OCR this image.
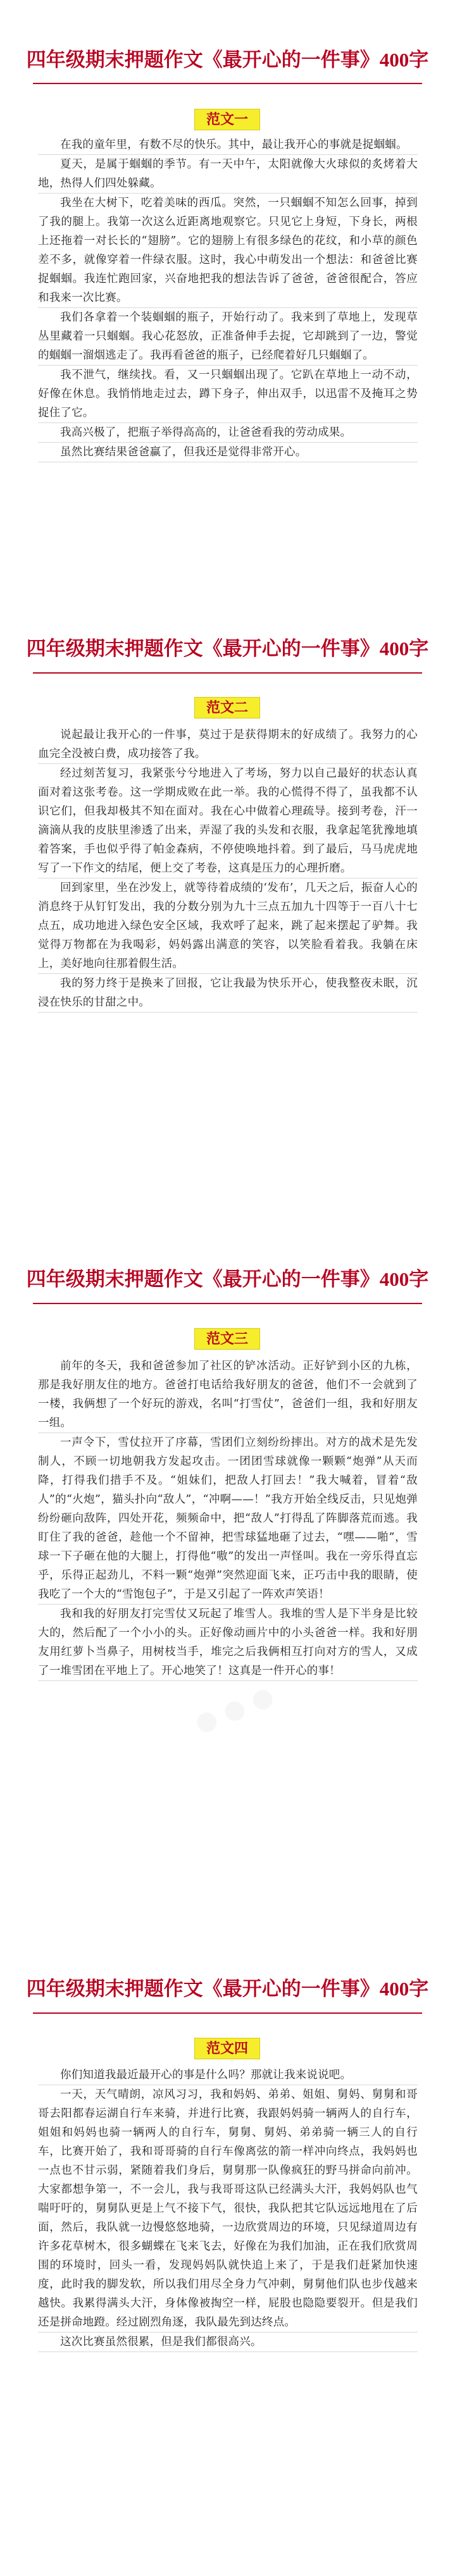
四年级期末押题作文《最开心的一件事》400字
范文一

在我的童年里，有数不尽的快乐。其中，最让我开心的事就是捉蝈蝈。

夏天，是属于蝈蝈的季节。有一天中午，太阳就像大火球似的炙烤着大地，热得人们四处躲藏。

我坐在大树下，吃着美味的西瓜。突然，一只蝈蝈不知怎么回事，掉到了我的腿上。我第一次这么近距离地观察它。只见它上身短，下身长，两根上还拖着一对长长的“翅膀”。它的翅膀上有很多绿色的花纹，和小草的颜色差不多，就像穿着一件绿衣服。这时，我心中萌发出一个想法：和爸爸比赛捉蝈蝈。我连忙跑回家，兴奋地把我的想法告诉了爸爸，爸爸很配合，答应和我来一次比赛。

我们各拿着一个装蝈蝈的瓶子，开始行动了。我来到了草地上，发现草丛里藏着一只蝈蝈。我心花怒放，正准备伸手去捉，它却跳到了一边，警觉的蝈蝈一溜烟逃走了。我再看爸爸的瓶子，已经爬着好几只蝈蝈了。

我不泄气，继续找。看，又一只蝈蝈出现了。它趴在草地上一动不动，好像在休息。我悄悄地走过去，蹲下身子，伸出双手，以迅雷不及掩耳之势捉住了它。

我高兴极了，把瓶子举得高高的，让爸爸看我的劳动成果。

虽然比赛结果爸爸赢了，但我还是觉得非常开心。

四年级期末押题作文《最开心的一件事》400字
范文二

说起最让我开心的一件事，莫过于是获得期末的好成绩了。我努力的心血完全没被白费，成功接答了我。

经过刻苦复习，我紧张兮兮地进入了考场，努力以自己最好的状态认真面对着这张考卷。这一学期成败在此一举。我的心慌得不得了，虽我都不认识它们，但我却极其不知在面对。我在心中做着心理疏导。接到考卷，汗一滴滴从我的皮肤里渗透了出来，弄湿了我的头发和衣服，我拿起笔犹豫地填着答案，手也似乎得了帕金森病，不停使唤地抖着。到了最后，马马虎虎地写了一下作文的结尾，便上交了考卷，这真是压力的心理折磨。

回到家里，坐在沙发上，就等待着成绩的‘发布’，几天之后，振奋人心的消息终于从钉钉发出，我的分数分别为九十三点五加九十四等于一百八十七点五，成功地进入绿色安全区域，我欢呼了起来，跳了起来摆起了驴舞。我觉得万物都在为我喝彩，妈妈露出满意的笑容，以笑脸看着我。我躺在床上，美好地向往那着假生活。

我的努力终于是换来了回报，它让我最为快乐开心，使我整夜未眠，沉浸在快乐的甘甜之中。

四年级期末押题作文《最开心的一件事》400字
范文三

前年的冬天，我和爸爸参加了社区的铲冰活动。正好铲到小区的九栋，那是我好朋友住的地方。爸爸打电话给我好朋友的爸爸，他们不一会就到了一楼，我俩想了一个好玩的游戏，名叫“打雪仗”，爸爸们一组，我和好朋友一组。

一声令下，雪仗拉开了序幕，雪团们立刻纷纷摔出。对方的战术是先发制人，不顾一切地朝我方发起攻击。一团团雪球就像一颗颗“炮弹”从天而降，打得我们措手不及。“姐妹们，把敌人打回去！”我大喊着，冒着“敌人”的“火炮”，猫头扑向“敌人”，“冲啊——！”我方开始全线反击，只见炮弹纷纷砸向敌阵，四处开花，频频命中，把“敌人”打得乱了阵脚落荒而逃。我盯住了我的爸爸，趁他一个不留神，把雪球猛地砸了过去，“嘿——啪”，雪球一下子砸在他的大腿上，打得他“嗷”的发出一声怪叫。我在一旁乐得直忘乎，乐得正起劲儿，不料一颗“炮弹”突然迎面飞来，正巧击中我的眼睛，使我吃了一个大的“雪饱包子”，于是又引起了一阵欢声笑语！

我和我的好朋友打完雪仗又玩起了堆雪人。我堆的雪人是下半身是比较大的，然后配了一个小小的头。正好像动画片中的小头爸爸一样。我和好朋友用红萝卜当鼻子，用树枝当手，堆完之后我俩相互打向对方的雪人，又成了一堆雪团在平地上了。开心地笑了！这真是一件开心的事！

● ● ●
四年级期末押题作文《最开心的一件事》400字
范文四

你们知道我最近最开心的事是什么吗？那就让我来说说吧。

一天，天气晴朗，凉风习习，我和妈妈、弟弟、姐姐、舅妈、舅舅和哥哥去阳都春运湖自行车来骑，并进行比赛，我跟妈妈骑一辆两人的自行车，姐姐和妈妈也骑一辆两人的自行车，舅舅、舅妈、弟弟骑一辆三人的自行车，比赛开始了，我和哥哥骑的自行车像离弦的箭一样冲向终点，我妈妈也一点也不甘示弱，紧随着我们身后，舅舅那一队像疯狂的野马拼命向前冲。大家都想争第一，不一会儿，我与我哥哥这队已经满头大汗，我妈妈队也气喘吁吁的，舅舅队更是上气不接下气，很快，我队把其它队远远地甩在了后面，然后，我队就一边慢悠悠地骑，一边欣赏周边的环境，只见绿道周边有许多花草树木，很多蝴蝶在飞来飞去，好像在为我们加油，正在我们欣赏周围的环境时，回头一看，发现妈妈队就快追上来了，于是我们赶紧加快速度，此时我的脚发软，所以我们用尽全身力气冲刺，舅舅他们队也步伐越来越快。我累得满头大汗，身体像被掏空一样，屁股也隐隐要裂开。但是我们还是拼命地蹬。经过剧烈角逐，我队最先到达终点。

这次比赛虽然很累，但是我们都很高兴。
